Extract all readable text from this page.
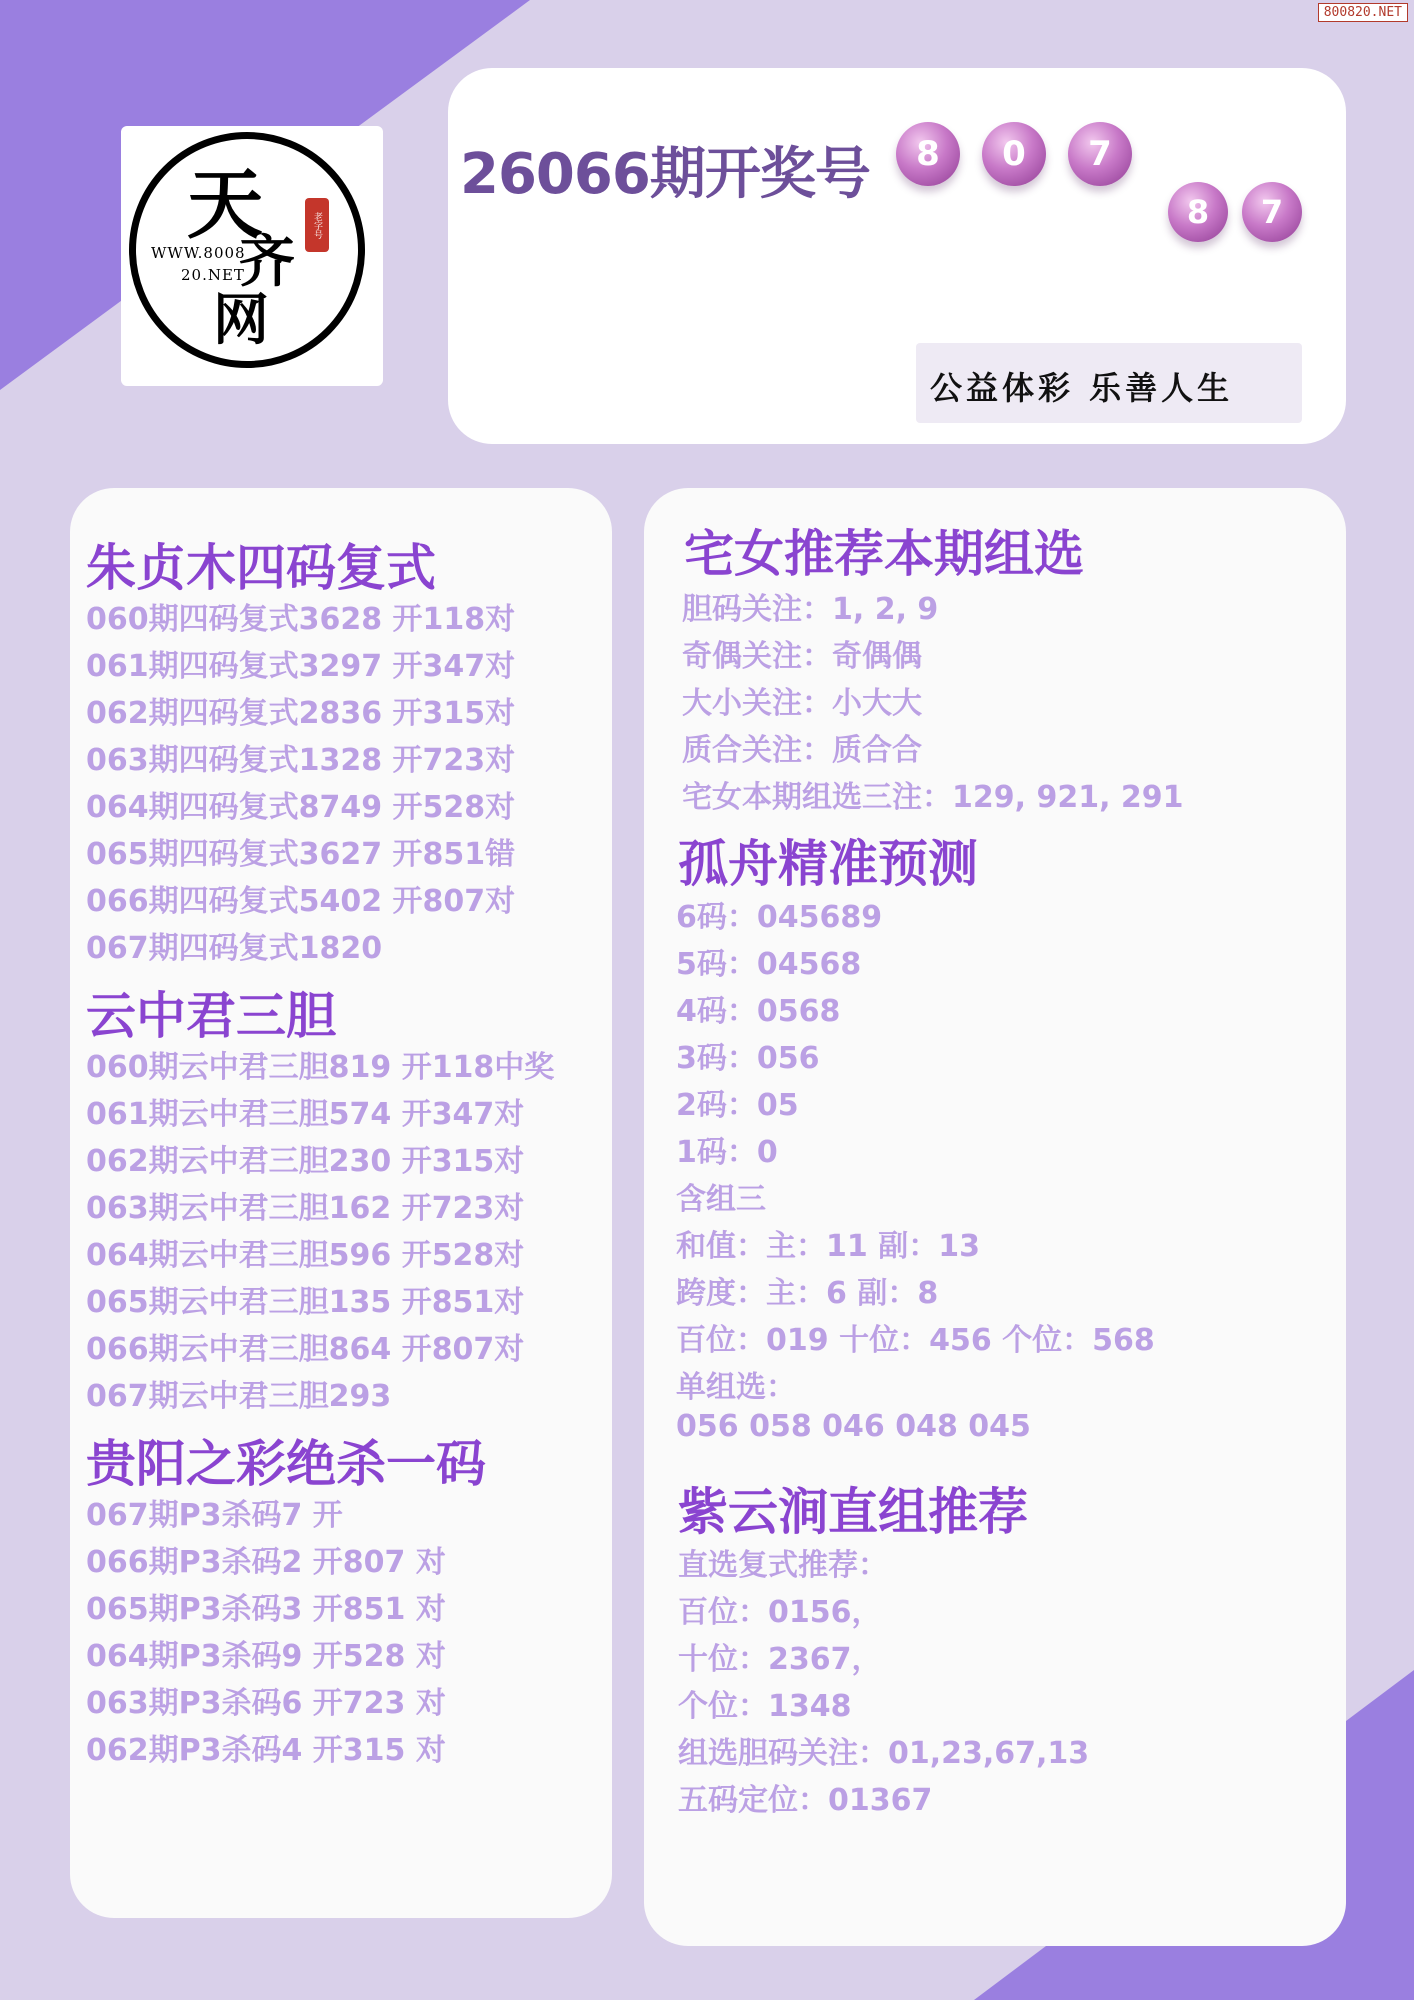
800820.NET
天
WWW.8008
20.NET
齐
网
老字号
26066期开奖号	8	0	7
8	7
公益体彩 乐善人生
朱贞木四码复式
060期四码复式3628 开118对
061期四码复式3297 开347对
062期四码复式2836 开315对
063期四码复式1328 开723对
064期四码复式8749 开528对
065期四码复式3627 开851错
066期四码复式5402 开807对
067期四码复式1820
云中君三胆
060期云中君三胆819 开118中奖
061期云中君三胆574 开347对
062期云中君三胆230 开315对
063期云中君三胆162 开723对
064期云中君三胆596 开528对
065期云中君三胆135 开851对
066期云中君三胆864 开807对
067期云中君三胆293
贵阳之彩绝杀一码
067期P3杀码7 开
066期P3杀码2 开807 对
065期P3杀码3 开851 对
064期P3杀码9 开528 对
063期P3杀码6 开723 对
062期P3杀码4 开315 对
宅女推荐本期组选
胆码关注：1, 2, 9
奇偶关注：奇偶偶
大小关注：小大大
质合关注：质合合
宅女本期组选三注：129, 921, 291
孤舟精准预测
6码：045689
5码：04568
4码：0568
3码：056
2码：05
1码：0
含组三
和值：主：11 副：13
跨度：主：6 副：8
百位：019 十位：456 个位：568
单组选：
056 058 046 048 045
紫云涧直组推荐
直选复式推荐：
百位：0156，
十位：2367，
个位：1348
组选胆码关注：01,23,67,13
五码定位：01367
